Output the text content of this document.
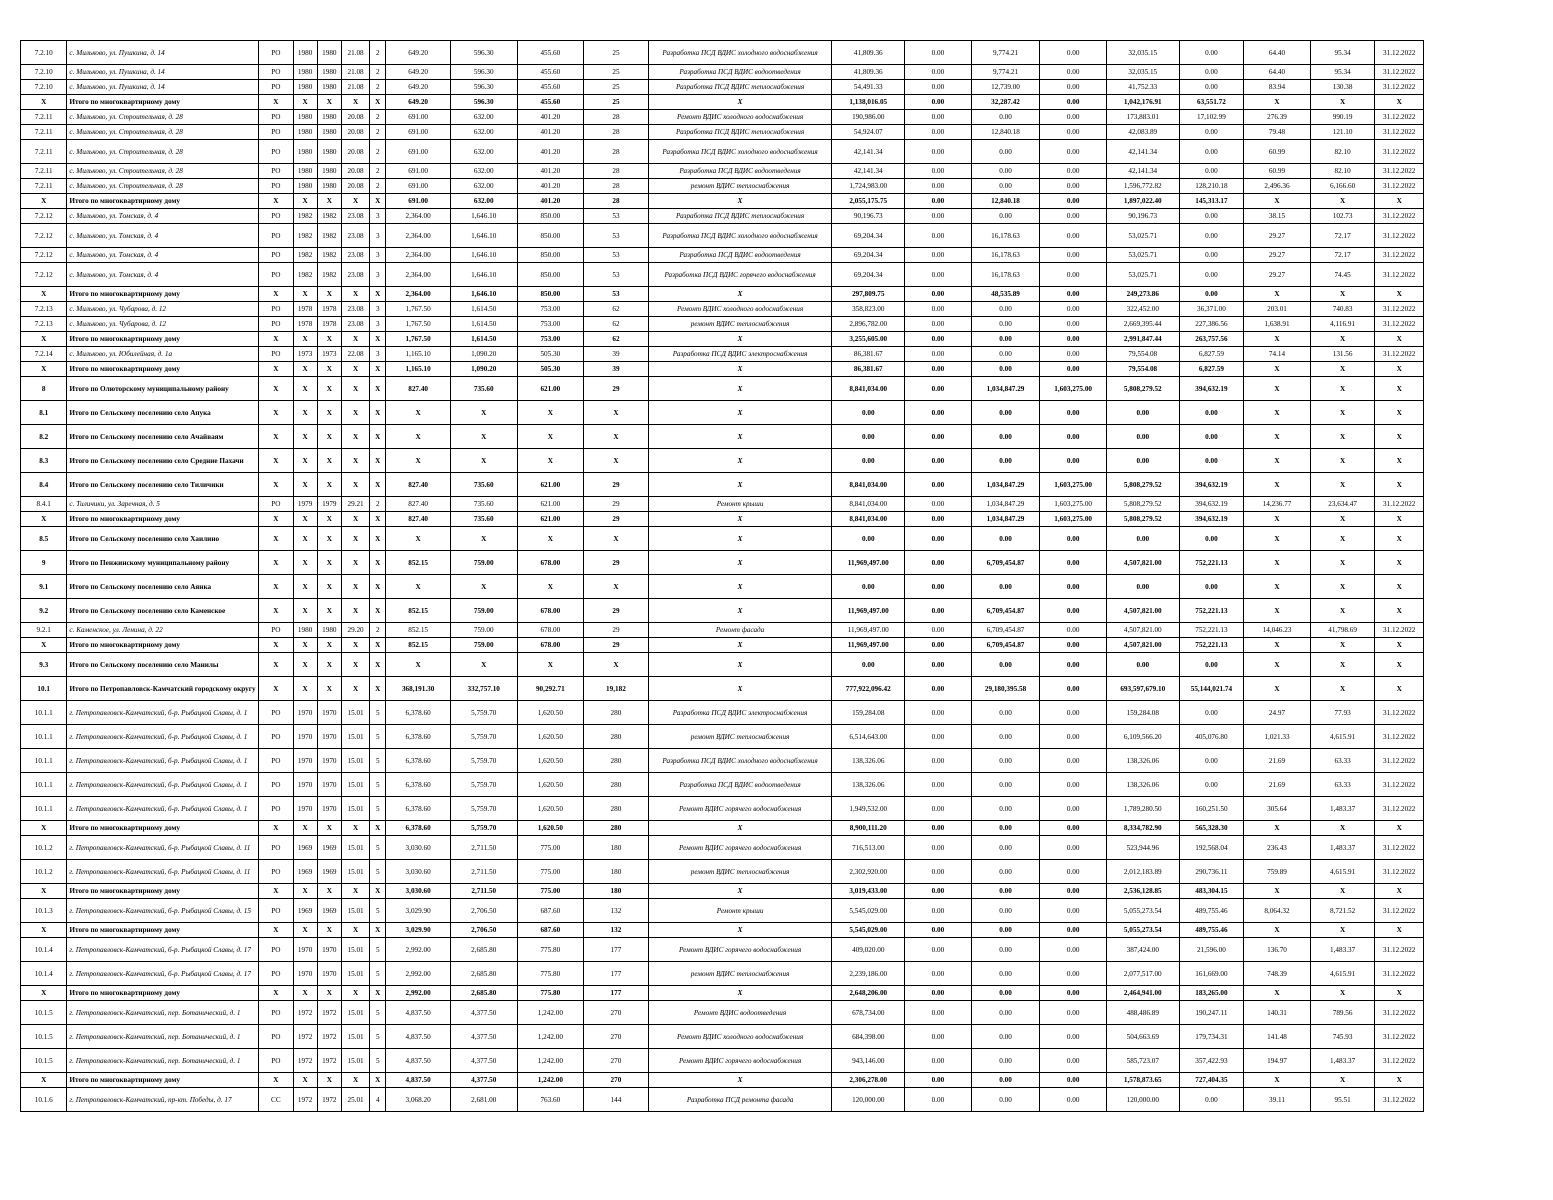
7.2.10	с. Мильково, ул. Пушкина, д. 14	РО	1980	1980	21.08	2	649.20	596.30	455.60	25	Разработка ПСД ВДИС холодного водоснабжения	41,809.36	0.00	9,774.21	0.00	32,035.15	0.00	64.40	95.34	31.12.2022
7.2.10	с. Мильково, ул. Пушкина, д. 14	РО	1980	1980	21.08	2	649.20	596.30	455.60	25	Разработка ПСД ВДИС водоотведения	41,809.36	0.00	9,774.21	0.00	32,035.15	0.00	64.40	95.34	31.12.2022
7.2.10	с. Мильково, ул. Пушкина, д. 14	РО	1980	1980	21.08	2	649.20	596.30	455.60	25	Разработка ПСД ВДИС теплоснабжения	54,491.33	0.00	12,739.00	0.00	41,752.33	0.00	83.94	130.38	31.12.2022
X	Итого по многоквартирному дому	X	X	X	X	X	649.20	596.30	455.60	25	X	1,138,016.05	0.00	32,287.42	0.00	1,042,176.91	63,551.72	X	X	X
7.2.11	с. Мильково, ул. Строительная, д. 28	РО	1980	1980	20.08	2	691.00	632.00	401.20	28	Ремонт ВДИС холодного водоснабжения	190,986.00	0.00	0.00	0.00	173,883.01	17,102.99	276.39	990.19	31.12.2022
7.2.11	с. Мильково, ул. Строительная, д. 28	РО	1980	1980	20.08	2	691.00	632.00	401.20	28	Разработка ПСД ВДИС теплоснабжения	54,924.07	0.00	12,840.18	0.00	42,083.89	0.00	79.48	121.10	31.12.2022
7.2.11	с. Мильково, ул. Строительная, д. 28	РО	1980	1980	20.08	2	691.00	632.00	401.20	28	Разработка ПСД ВДИС холодного водоснабжения	42,141.34	0.00	0.00	0.00	42,141.34	0.00	60.99	82.10	31.12.2022
7.2.11	с. Мильково, ул. Строительная, д. 28	РО	1980	1980	20.08	2	691.00	632.00	401.20	28	Разработка ПСД ВДИС водоотведения	42,141.34	0.00	0.00	0.00	42,141.34	0.00	60.99	82.10	31.12.2022
7.2.11	с. Мильково, ул. Строительная, д. 28	РО	1980	1980	20.08	2	691.00	632.00	401.20	28	ремонт ВДИС теплоснабжения	1,724,983.00	0.00	0.00	0.00	1,596,772.82	128,210.18	2,496.36	6,166.60	31.12.2022
X	Итого по многоквартирному дому	X	X	X	X	X	691.00	632.00	401.20	28	X	2,055,175.75	0.00	12,840.18	0.00	1,897,022.40	145,313.17	X	X	X
7.2.12	с. Мильково, ул. Томская, д. 4	РО	1982	1982	23.08	3	2,364.00	1,646.10	850.00	53	Разработка ПСД ВДИС теплоснабжения	90,196.73	0.00	0.00	0.00	90,196.73	0.00	38.15	102.73	31.12.2022
7.2.12	с. Мильково, ул. Томская, д. 4	РО	1982	1982	23.08	3	2,364.00	1,646.10	850.00	53	Разработка ПСД ВДИС холодного водоснабжения	69,204.34	0.00	16,178.63	0.00	53,025.71	0.00	29.27	72.17	31.12.2022
7.2.12	с. Мильково, ул. Томская, д. 4	РО	1982	1982	23.08	3	2,364.00	1,646.10	850.00	53	Разработка ПСД ВДИС водоотведения	69,204.34	0.00	16,178.63	0.00	53,025.71	0.00	29.27	72.17	31.12.2022
7.2.12	с. Мильково, ул. Томская, д. 4	РО	1982	1982	23.08	3	2,364.00	1,646.10	850.00	53	Разработка ПСД ВДИС горячего водоснабжения	69,204.34	0.00	16,178.63	0.00	53,025.71	0.00	29.27	74.45	31.12.2022
X	Итого по многоквартирному дому	X	X	X	X	X	2,364.00	1,646.10	850.00	53	X	297,809.75	0.00	48,535.89	0.00	249,273.86	0.00	X	X	X
7.2.13	с. Мильково, ул. Чубарова, д. 12	РО	1978	1978	23.08	3	1,767.50	1,614.50	753.00	62	Ремонт ВДИС холодного водоснабжения	358,823.00	0.00	0.00	0.00	322,452.00	36,371.00	203.01	740.83	31.12.2022
7.2.13	с. Мильково, ул. Чубарова, д. 12	РО	1978	1978	23.08	3	1,767.50	1,614.50	753.00	62	ремонт ВДИС теплоснабжения	2,896,782.00	0.00	0.00	0.00	2,669,395.44	227,386.56	1,638.91	4,116.91	31.12.2022
X	Итого по многоквартирному дому	X	X	X	X	X	1,767.50	1,614.50	753.00	62	X	3,255,605.00	0.00	0.00	0.00	2,991,847.44	263,757.56	X	X	X
7.2.14	с. Мильково, ул. Юбилейная, д. 1а	РО	1973	1973	22.08	3	1,165.10	1,090.20	505.30	39	Разработка ПСД ВДИС электроснабжения	86,381.67	0.00	0.00	0.00	79,554.08	6,827.59	74.14	131.56	31.12.2022
X	Итого по многоквартирному дому	X	X	X	X	X	1,165.10	1,090.20	505.30	39	X	86,381.67	0.00	0.00	0.00	79,554.08	6,827.59	X	X	X
8	Итого по Олюторскому муниципальному району	X	X	X	X	X	827.40	735.60	621.00	29	X	8,841,034.00	0.00	1,034,847.29	1,603,275.00	5,808,279.52	394,632.19	X	X	X
8.1	Итого по Сельскому поселению село Апука	X	X	X	X	X	X	X	X	X	X	0.00	0.00	0.00	0.00	0.00	0.00	X	X	X
8.2	Итого по Сельскому поселению село Ачайваям	X	X	X	X	X	X	X	X	X	X	0.00	0.00	0.00	0.00	0.00	0.00	X	X	X
8.3	Итого по Сельскому поселению село Средние Пахачи	X	X	X	X	X	X	X	X	X	X	0.00	0.00	0.00	0.00	0.00	0.00	X	X	X
8.4	Итого по Сельскому поселению село Тиличики	X	X	X	X	X	827.40	735.60	621.00	29	X	8,841,034.00	0.00	1,034,847.29	1,603,275.00	5,808,279.52	394,632.19	X	X	X
8.4.1	с. Тиличики, ул. Заречная, д. 5	РО	1979	1979	29.21	2	827.40	735.60	621.00	29	Ремонт крыши	8,841,034.00	0.00	1,034,847.29	1,603,275.00	5,808,279.52	394,632.19	14,236.77	23,634.47	31.12.2022
X	Итого по многоквартирному дому	X	X	X	X	X	827.40	735.60	621.00	29	X	8,841,034.00	0.00	1,034,847.29	1,603,275.00	5,808,279.52	394,632.19	X	X	X
8.5	Итого по Сельскому поселению село Хаилино	X	X	X	X	X	X	X	X	X	X	0.00	0.00	0.00	0.00	0.00	0.00	X	X	X
9	Итого по Пенжинскому муниципальному району	X	X	X	X	X	852.15	759.00	678.00	29	X	11,969,497.00	0.00	6,709,454.87	0.00	4,507,821.00	752,221.13	X	X	X
9.1	Итого по Сельскому поселению село Аянка	X	X	X	X	X	X	X	X	X	X	0.00	0.00	0.00	0.00	0.00	0.00	X	X	X
9.2	Итого по Сельскому поселению село Каменское	X	X	X	X	X	852.15	759.00	678.00	29	X	11,969,497.00	0.00	6,709,454.87	0.00	4,507,821.00	752,221.13	X	X	X
9.2.1	с. Каменское, ул. Ленина, д. 22	РО	1980	1980	29.20	2	852.15	759.00	678.00	29	Ремонт фасада	11,969,497.00	0.00	6,709,454.87	0.00	4,507,821.00	752,221.13	14,046.23	41,798.69	31.12.2022
X	Итого по многоквартирному дому	X	X	X	X	X	852.15	759.00	678.00	29	X	11,969,497.00	0.00	6,709,454.87	0.00	4,507,821.00	752,221.13	X	X	X
9.3	Итого по Сельскому поселению село Манилы	X	X	X	X	X	X	X	X	X	X	0.00	0.00	0.00	0.00	0.00	0.00	X	X	X
10.1	Итого по Петропавловск-Камчатский городскому округу	X	X	X	X	X	368,191.30	332,757.10	90,292.71	19,182	X	777,922,096.42	0.00	29,180,395.58	0.00	693,597,679.10	55,144,021.74	X	X	X
10.1.1	г. Петропавловск-Камчатский, б-р. Рыбацкой Славы, д. 1	РО	1970	1970	15.01	5	6,378.60	5,759.70	1,620.50	280	Разработка ПСД ВДИС электроснабжения	159,284.08	0.00	0.00	0.00	159,284.08	0.00	24.97	77.93	31.12.2022
10.1.1	г. Петропавловск-Камчатский, б-р. Рыбацкой Славы, д. 1	РО	1970	1970	15.01	5	6,378.60	5,759.70	1,620.50	280	ремонт ВДИС теплоснабжения	6,514,643.00	0.00	0.00	0.00	6,109,566.20	405,076.80	1,021.33	4,615.91	31.12.2022
10.1.1	г. Петропавловск-Камчатский, б-р. Рыбацкой Славы, д. 1	РО	1970	1970	15.01	5	6,378.60	5,759.70	1,620.50	280	Разработка ПСД ВДИС холодного водоснабжения	138,326.06	0.00	0.00	0.00	138,326.06	0.00	21.69	63.33	31.12.2022
10.1.1	г. Петропавловск-Камчатский, б-р. Рыбацкой Славы, д. 1	РО	1970	1970	15.01	5	6,378.60	5,759.70	1,620.50	280	Разработка ПСД ВДИС водоотведения	138,326.06	0.00	0.00	0.00	138,326.06	0.00	21.69	63.33	31.12.2022
10.1.1	г. Петропавловск-Камчатский, б-р. Рыбацкой Славы, д. 1	РО	1970	1970	15.01	5	6,378.60	5,759.70	1,620.50	280	Ремонт ВДИС горячего водоснабжения	1,949,532.00	0.00	0.00	0.00	1,789,280.50	160,251.50	305.64	1,483.37	31.12.2022
X	Итого по многоквартирному дому	X	X	X	X	X	6,378.60	5,759.70	1,620.50	280	X	8,900,111.20	0.00	0.00	0.00	8,334,782.90	565,328.30	X	X	X
10.1.2	г. Петропавловск-Камчатский, б-р. Рыбацкой Славы, д. 11	РО	1969	1969	15.01	5	3,030.60	2,711.50	775.00	180	Ремонт ВДИС горячего водоснабжения	716,513.00	0.00	0.00	0.00	523,944.96	192,568.04	236.43	1,483.37	31.12.2022
10.1.2	г. Петропавловск-Камчатский, б-р. Рыбацкой Славы, д. 11	РО	1969	1969	15.01	5	3,030.60	2,711.50	775.00	180	ремонт ВДИС теплоснабжения	2,302,920.00	0.00	0.00	0.00	2,012,183.89	290,736.11	759.89	4,615.91	31.12.2022
X	Итого по многоквартирному дому	X	X	X	X	X	3,030.60	2,711.50	775.00	180	X	3,019,433.00	0.00	0.00	0.00	2,536,128.85	483,304.15	X	X	X
10.1.3	г. Петропавловск-Камчатский, б-р. Рыбацкой Славы, д. 15	РО	1969	1969	15.01	5	3,029.90	2,706.50	687.60	132	Ремонт крыши	5,545,029.00	0.00	0.00	0.00	5,055,273.54	489,755.46	8,064.32	8,721.52	31.12.2022
X	Итого по многоквартирному дому	X	X	X	X	X	3,029.90	2,706.50	687.60	132	X	5,545,029.00	0.00	0.00	0.00	5,055,273.54	489,755.46	X	X	X
10.1.4	г. Петропавловск-Камчатский, б-р. Рыбацкой Славы, д. 17	РО	1970	1970	15.01	5	2,992.00	2,685.80	775.80	177	Ремонт ВДИС горячего водоснабжения	409,020.00	0.00	0.00	0.00	387,424.00	21,596.00	136.70	1,483.37	31.12.2022
10.1.4	г. Петропавловск-Камчатский, б-р. Рыбацкой Славы, д. 17	РО	1970	1970	15.01	5	2,992.00	2,685.80	775.80	177	ремонт ВДИС теплоснабжения	2,239,186.00	0.00	0.00	0.00	2,077,517.00	161,669.00	748.39	4,615.91	31.12.2022
X	Итого по многоквартирному дому	X	X	X	X	X	2,992.00	2,685.80	775.80	177	X	2,648,206.00	0.00	0.00	0.00	2,464,941.00	183,265.00	X	X	X
10.1.5	г. Петропавловск-Камчатский, пер. Ботанический, д. 1	РО	1972	1972	15.01	5	4,837.50	4,377.50	1,242.00	270	Ремонт ВДИС водоотведения	678,734.00	0.00	0.00	0.00	488,486.89	190,247.11	140.31	789.56	31.12.2022
10.1.5	г. Петропавловск-Камчатский, пер. Ботанический, д. 1	РО	1972	1972	15.01	5	4,837.50	4,377.50	1,242.00	270	Ремонт ВДИС холодного водоснабжения	684,398.00	0.00	0.00	0.00	504,663.69	179,734.31	141.48	745.93	31.12.2022
10.1.5	г. Петропавловск-Камчатский, пер. Ботанический, д. 1	РО	1972	1972	15.01	5	4,837.50	4,377.50	1,242.00	270	Ремонт ВДИС горячего водоснабжения	943,146.00	0.00	0.00	0.00	585,723.07	357,422.93	194.97	1,483.37	31.12.2022
X	Итого по многоквартирному дому	X	X	X	X	X	4,837.50	4,377.50	1,242.00	270	X	2,306,278.00	0.00	0.00	0.00	1,578,873.65	727,404.35	X	X	X
10.1.6	г. Петропавловск-Камчатский, пр-кт. Победы, д. 17	СС	1972	1972	25.01	4	3,068.20	2,681.00	763.60	144	Разработка ПСД ремонта фасада	120,000.00	0.00	0.00	0.00	120,000.00	0.00	39.11	95.51	31.12.2022
